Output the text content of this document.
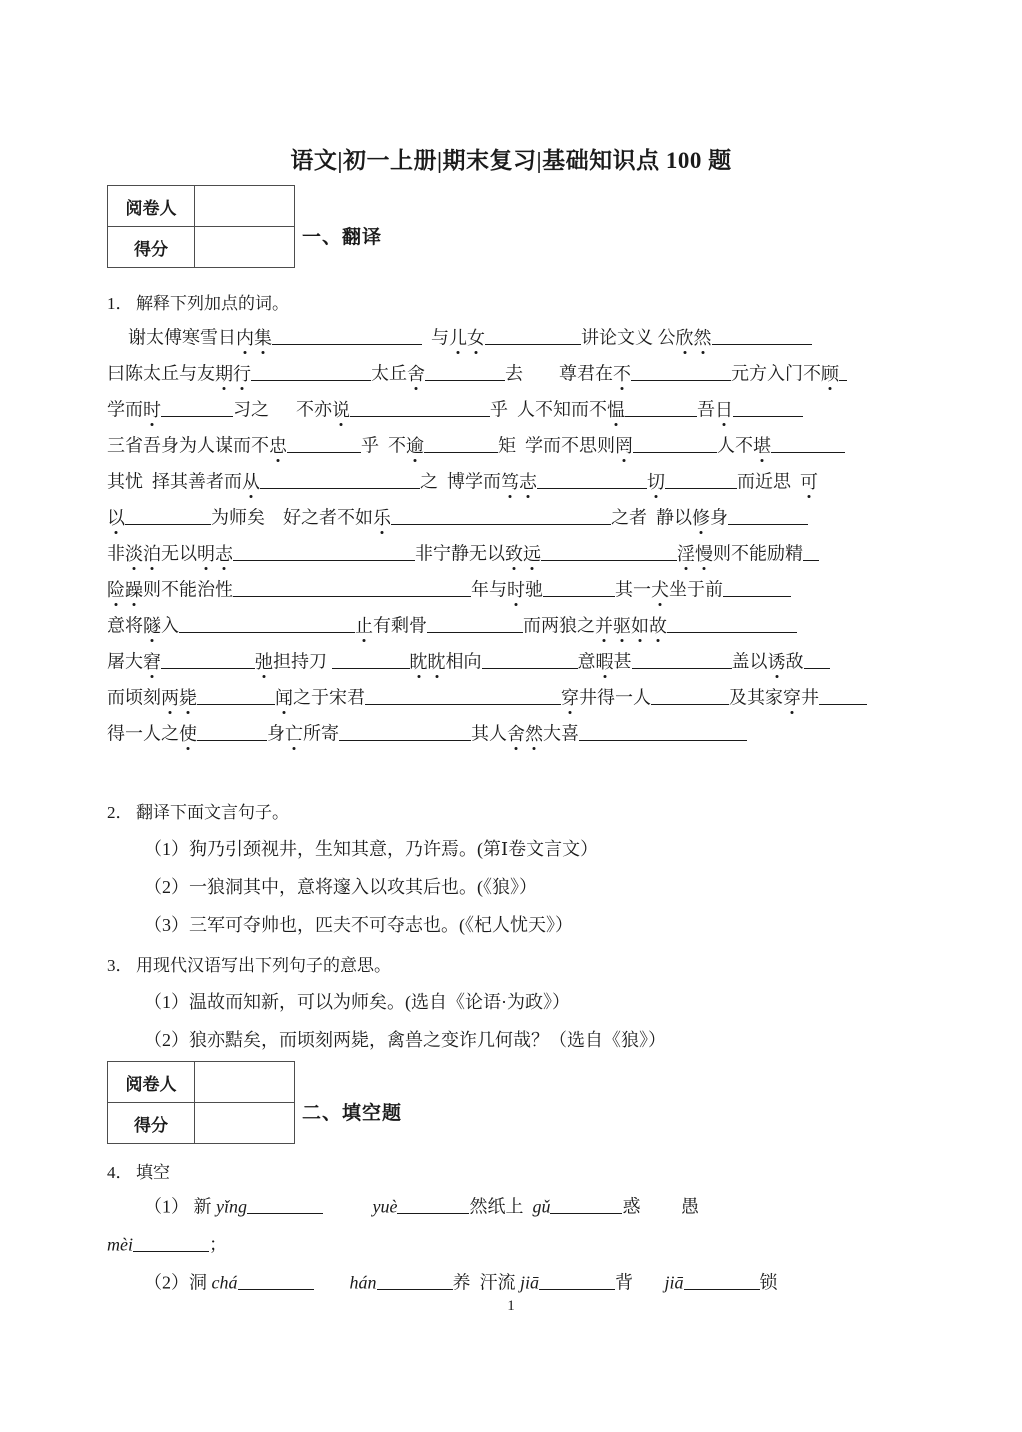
语文|初一上册|期末复习|基础知识点 100 题
阅卷人	
得分	
一、翻译
1． 解释下列加点的词。
谢太傅寒雪日内集	与儿女	讲论文义 公欣然
曰陈太丘与友期行	太丘舍	去        尊君在不	元方入门不顾
学而时	习之      不亦说	乎  人不知而不愠	吾日
三省吾身为人谋而不忠	乎  不逾	矩  学而不思则罔	人不堪
其忧  择其善者而从	之  博学而笃志	切	而近思  可
以	为师矣    好之者不如乐	之者  静以修身
非淡泊无以明志	非宁静无以致远	淫慢则不能励精
险躁则不能治性	年与时驰	其一犬坐于前
意将隧入	止有剩骨	而两狼之并驱如故
屠大窘	弛担持刀	眈眈相向	意暇甚	盖以诱敌
而顷刻两毙	闻之于宋君	穿井得一人	及其家穿井
得一人之使	身亡所寄	其人舍然大喜
2． 翻译下面文言句子。
（1）狗乃引颈视井，生知其意，乃许焉。(第Ⅰ卷文言文）
（2）一狼洞其中，意将邃入以攻其后也。(《狼》）
（3）三军可夺帅也，匹夫不可夺志也。(《杞人忧天》）
3． 用现代汉语写出下列句子的意思。
（1）温故而知新，可以为师矣。(选自《论语·为政》）
（2）狼亦黠矣，而顷刻两毙，禽兽之变诈几何哉？（选自《狼》）
阅卷人	
得分	
二、填空题
4． 填空
（1） 新 yǐng	yuè	然纸上  gǔ	惑         愚
mèi	；
（2）洞 chá	hán	养  汗流 jiā	背       jiā	锁
1
